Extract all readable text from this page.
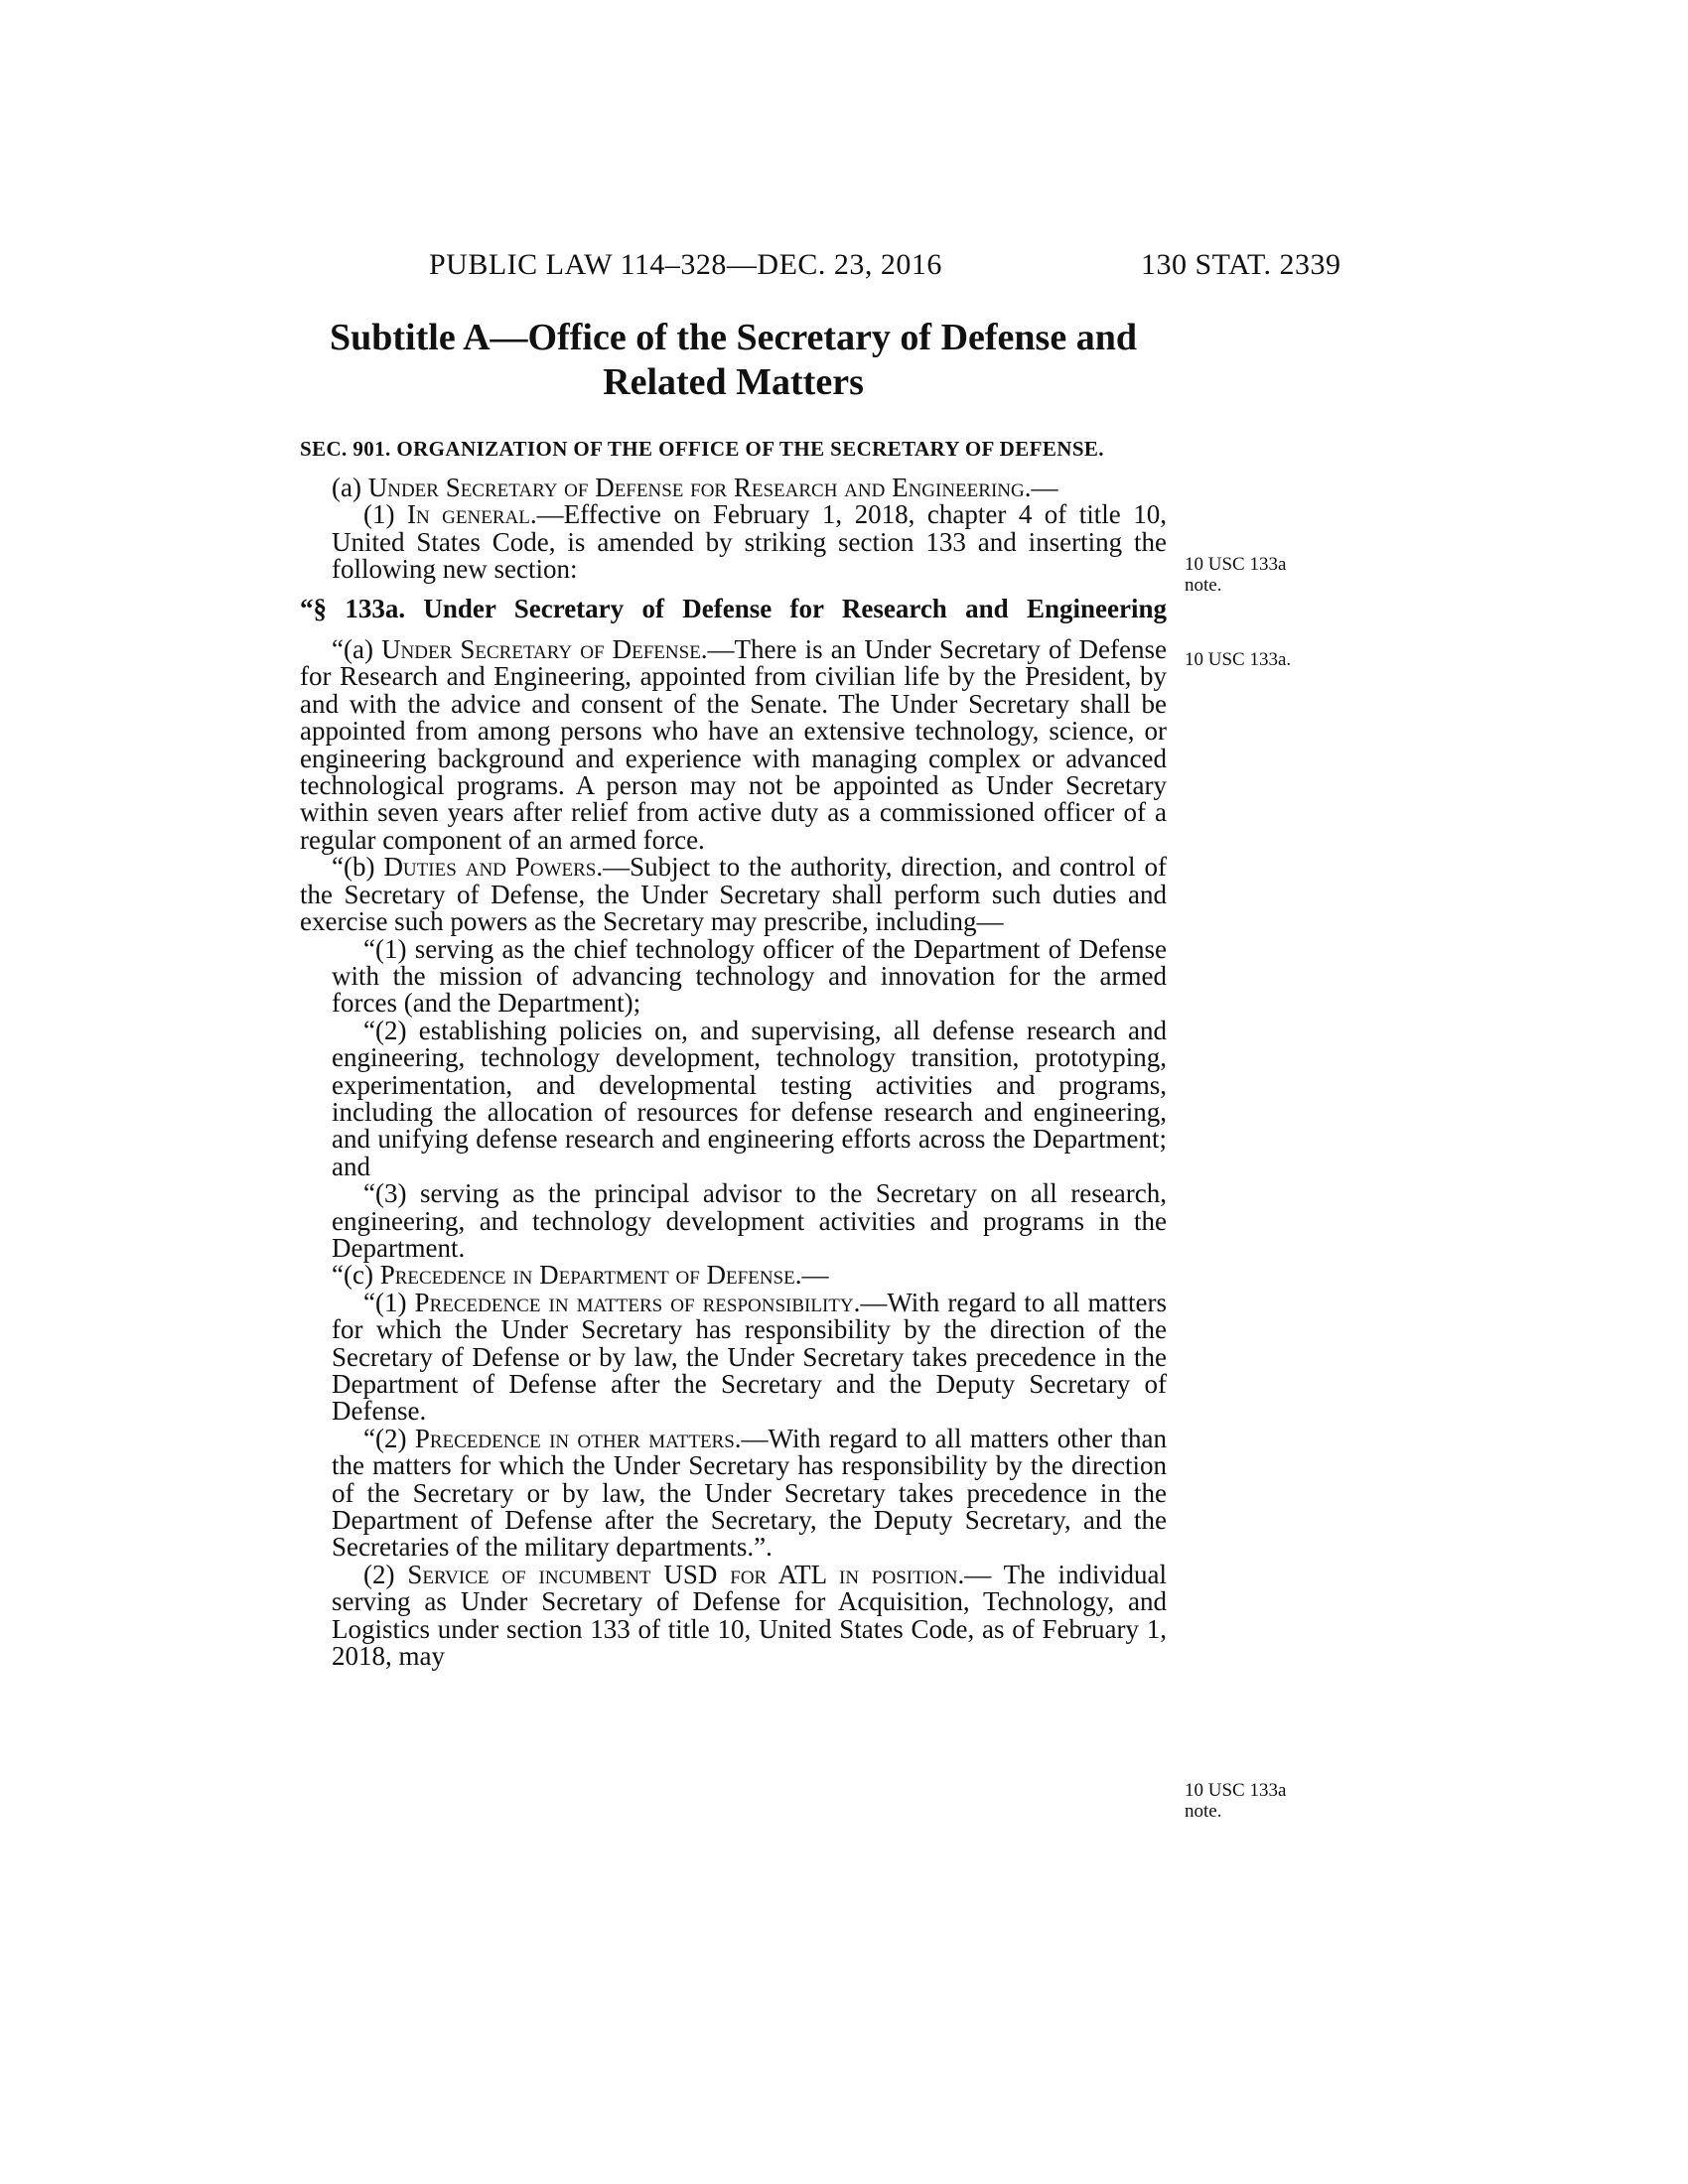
PUBLIC LAW 114–328—DEC. 23, 2016	130 STAT. 2339
Subtitle A—Office of the Secretary of Defense and Related Matters
SEC. 901. ORGANIZATION OF THE OFFICE OF THE SECRETARY OF DEFENSE.

(a) Under Secretary of Defense for Research and Engineering.—

(1) In general.—Effective on February 1, 2018, chapter 4 of title 10, United States Code, is amended by striking section 133 and inserting the following new section:

“§ 133a. Under Secretary of Defense for Research and Engineering

“(a) Under Secretary of Defense.—There is an Under Secretary of Defense for Research and Engineering, appointed from civilian life by the President, by and with the advice and consent of the Senate. The Under Secretary shall be appointed from among persons who have an extensive technology, science, or engineering background and experience with managing complex or advanced technological programs. A person may not be appointed as Under Secretary within seven years after relief from active duty as a commissioned officer of a regular component of an armed force.

“(b) Duties and Powers.—Subject to the authority, direction, and control of the Secretary of Defense, the Under Secretary shall perform such duties and exercise such powers as the Secretary may prescribe, including—

“(1) serving as the chief technology officer of the Department of Defense with the mission of advancing technology and innovation for the armed forces (and the Department);

“(2) establishing policies on, and supervising, all defense research and engineering, technology development, technology transition, prototyping, experimentation, and developmental testing activities and programs, including the allocation of resources for defense research and engineering, and unifying defense research and engineering efforts across the Department; and

“(3) serving as the principal advisor to the Secretary on all research, engineering, and technology development activities and programs in the Department.

“(c) Precedence in Department of Defense.—

“(1) Precedence in matters of responsibility.—With regard to all matters for which the Under Secretary has responsibility by the direction of the Secretary of Defense or by law, the Under Secretary takes precedence in the Department of Defense after the Secretary and the Deputy Secretary of Defense.

“(2) Precedence in other matters.—With regard to all matters other than the matters for which the Under Secretary has responsibility by the direction of the Secretary or by law, the Under Secretary takes precedence in the Department of Defense after the Secretary, the Deputy Secretary, and the Secretaries of the military departments.”.

(2) Service of incumbent USD for ATL in position.— The individual serving as Under Secretary of Defense for Acquisition, Technology, and Logistics under section 133 of title 10, United States Code, as of February 1, 2018, may

10 USC 133a note.
10 USC 133a.
10 USC 133a note.
